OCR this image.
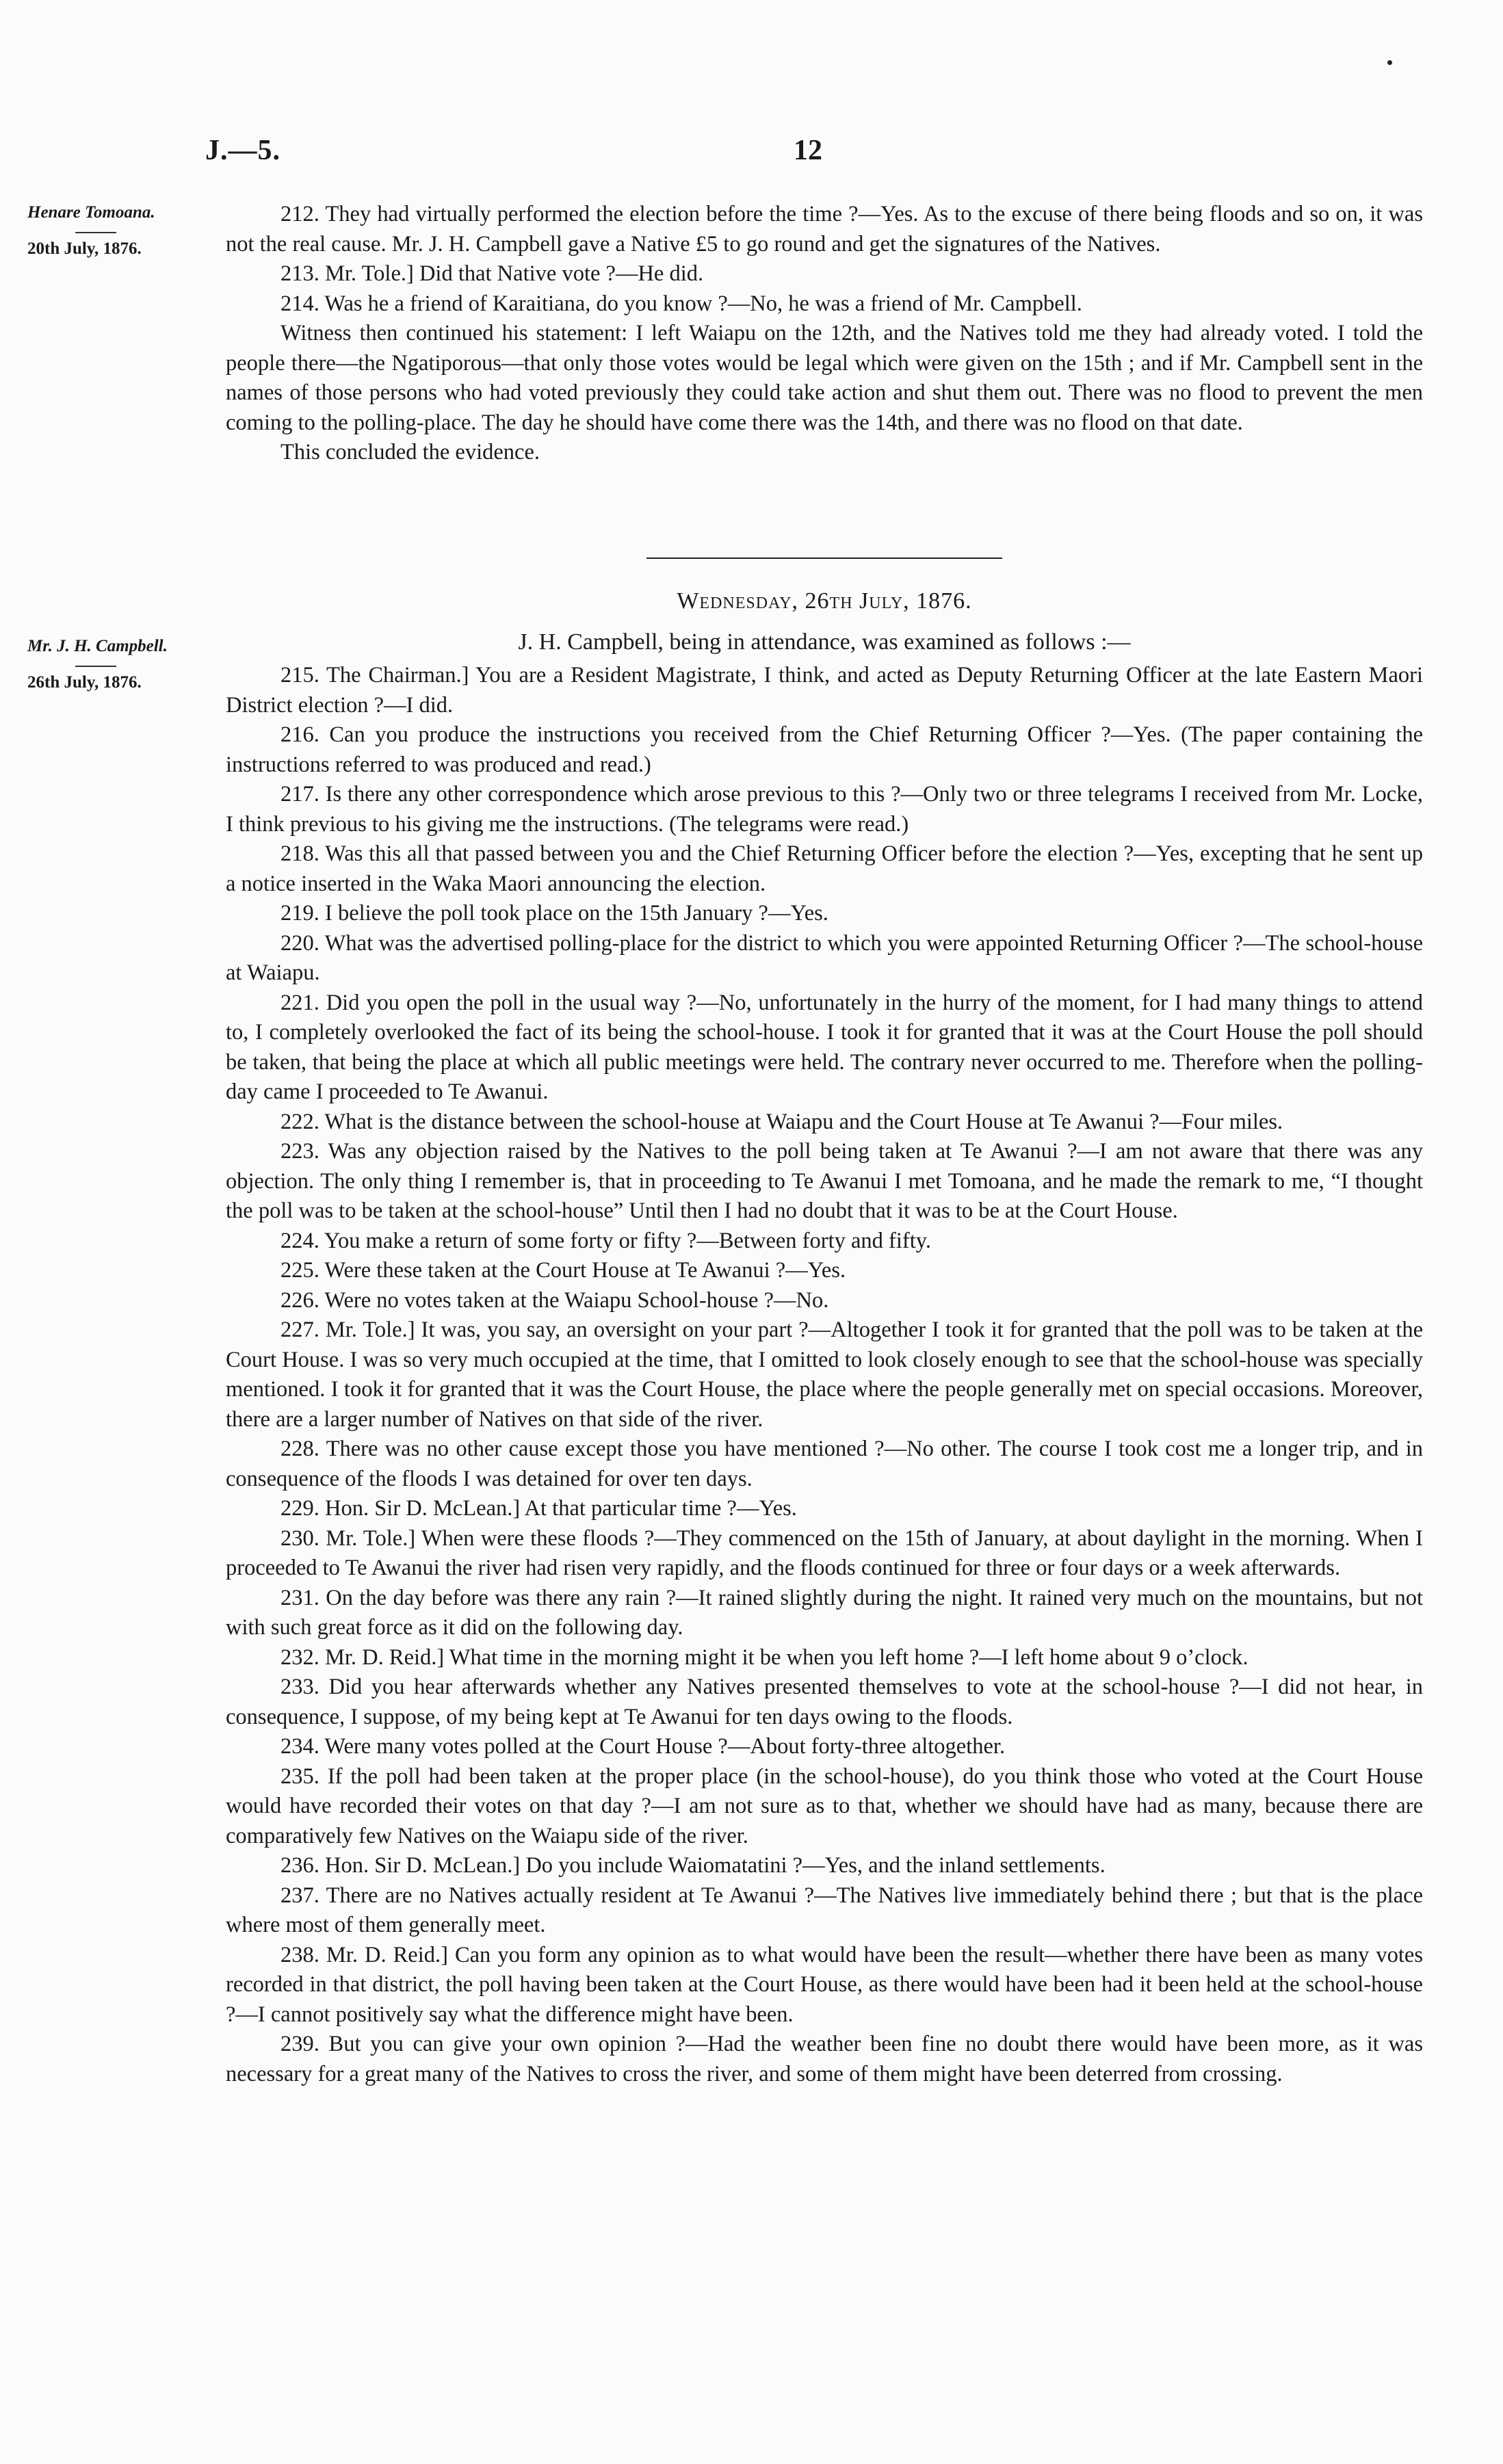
J.—5.	12
Henare Tomoana.
20th July, 1876.

212. They had virtually performed the election before the time ?—Yes. As to the excuse of there being floods and so on, it was not the real cause. Mr. J. H. Campbell gave a Native £5 to go round and get the signatures of the Natives.

213. Mr. Tole.] Did that Native vote ?—He did.

214. Was he a friend of Karaitiana, do you know ?—No, he was a friend of Mr. Campbell.

Witness then continued his statement: I left Waiapu on the 12th, and the Natives told me they had already voted. I told the people there—the Ngatiporous—that only those votes would be legal which were given on the 15th ; and if Mr. Campbell sent in the names of those persons who had voted previously they could take action and shut them out. There was no flood to prevent the men coming to the polling-place. The day he should have come there was the 14th, and there was no flood on that date.

This concluded the evidence.

Wednesday, 26th July, 1876.
Mr. J. H. Campbell.
26th July, 1876.
J. H. Campbell, being in attendance, was examined as follows :—

215. The Chairman.] You are a Resident Magistrate, I think, and acted as Deputy Returning Officer at the late Eastern Maori District election ?—I did.

216. Can you produce the instructions you received from the Chief Returning Officer ?—Yes. (The paper containing the instructions referred to was produced and read.)

217. Is there any other correspondence which arose previous to this ?—Only two or three telegrams I received from Mr. Locke, I think previous to his giving me the instructions. (The telegrams were read.)

218. Was this all that passed between you and the Chief Returning Officer before the election ?—Yes, excepting that he sent up a notice inserted in the Waka Maori announcing the election.

219. I believe the poll took place on the 15th January ?—Yes.

220. What was the advertised polling-place for the district to which you were appointed Returning Officer ?—The school-house at Waiapu.

221. Did you open the poll in the usual way ?—No, unfortunately in the hurry of the moment, for I had many things to attend to, I completely overlooked the fact of its being the school-house. I took it for granted that it was at the Court House the poll should be taken, that being the place at which all public meetings were held. The contrary never occurred to me. Therefore when the polling-day came I proceeded to Te Awanui.

222. What is the distance between the school-house at Waiapu and the Court House at Te Awanui ?—Four miles.

223. Was any objection raised by the Natives to the poll being taken at Te Awanui ?—I am not aware that there was any objection. The only thing I remember is, that in proceeding to Te Awanui I met Tomoana, and he made the remark to me, “I thought the poll was to be taken at the school-house” Until then I had no doubt that it was to be at the Court House.

224. You make a return of some forty or fifty ?—Between forty and fifty.

225. Were these taken at the Court House at Te Awanui ?—Yes.

226. Were no votes taken at the Waiapu School-house ?—No.

227. Mr. Tole.] It was, you say, an oversight on your part ?—Altogether I took it for granted that the poll was to be taken at the Court House. I was so very much occupied at the time, that I omitted to look closely enough to see that the school-house was specially mentioned. I took it for granted that it was the Court House, the place where the people generally met on special occasions. Moreover, there are a larger number of Natives on that side of the river.

228. There was no other cause except those you have mentioned ?—No other. The course I took cost me a longer trip, and in consequence of the floods I was detained for over ten days.

229. Hon. Sir D. McLean.] At that particular time ?—Yes.

230. Mr. Tole.] When were these floods ?—They commenced on the 15th of January, at about daylight in the morning. When I proceeded to Te Awanui the river had risen very rapidly, and the floods continued for three or four days or a week afterwards.

231. On the day before was there any rain ?—It rained slightly during the night. It rained very much on the mountains, but not with such great force as it did on the following day.

232. Mr. D. Reid.] What time in the morning might it be when you left home ?—I left home about 9 o’clock.

233. Did you hear afterwards whether any Natives presented themselves to vote at the school-house ?—I did not hear, in consequence, I suppose, of my being kept at Te Awanui for ten days owing to the floods.

234. Were many votes polled at the Court House ?—About forty-three altogether.

235. If the poll had been taken at the proper place (in the school-house), do you think those who voted at the Court House would have recorded their votes on that day ?—I am not sure as to that, whether we should have had as many, because there are comparatively few Natives on the Waiapu side of the river.

236. Hon. Sir D. McLean.] Do you include Waiomatatini ?—Yes, and the inland settlements.

237. There are no Natives actually resident at Te Awanui ?—The Natives live immediately behind there ; but that is the place where most of them generally meet.

238. Mr. D. Reid.] Can you form any opinion as to what would have been the result—whether there have been as many votes recorded in that district, the poll having been taken at the Court House, as there would have been had it been held at the school-house ?—I cannot positively say what the difference might have been.

239. But you can give your own opinion ?—Had the weather been fine no doubt there would have been more, as it was necessary for a great many of the Natives to cross the river, and some of them might have been deterred from crossing.
